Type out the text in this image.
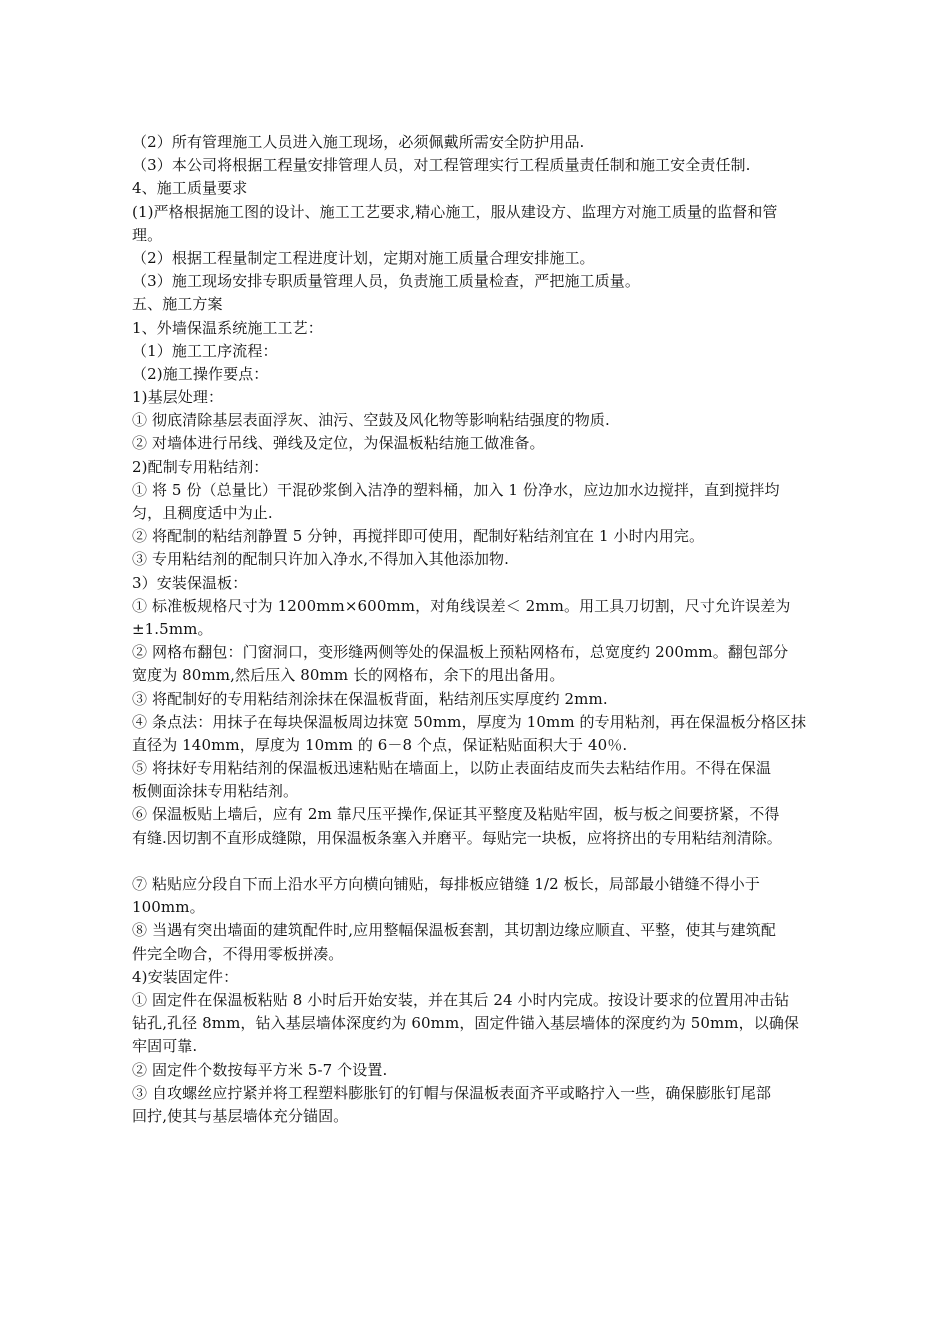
（2）所有管理施工人员进入施工现场，必须佩戴所需安全防护用品.
（3）本公司将根据工程量安排管理人员，对工程管理实行工程质量责任制和施工安全责任制.
4、施工质量要求
(1)严格根据施工图的设计、施工工艺要求,精心施工，服从建设方、监理方对施工质量的监督和管
理。
（2）根据工程量制定工程进度计划，定期对施工质量合理安排施工。
（3）施工现场安排专职质量管理人员，负责施工质量检查，严把施工质量。
五、施工方案
1、外墙保温系统施工工艺：
（1）施工工序流程：
（2)施工操作要点：
1)基层处理：
① 彻底清除基层表面浮灰、油污、空鼓及风化物等影响粘结强度的物质.
② 对墙体进行吊线、弹线及定位，为保温板粘结施工做准备。
2)配制专用粘结剂：
① 将 5 份（总量比）干混砂浆倒入洁净的塑料桶，加入 1 份净水，应边加水边搅拌，直到搅拌均
匀，且稠度适中为止.
② 将配制的粘结剂静置 5 分钟，再搅拌即可使用，配制好粘结剂宜在 1 小时内用完。
③ 专用粘结剂的配制只许加入净水,不得加入其他添加物.
3）安装保温板：
① 标准板规格尺寸为 1200mm×600mm，对角线误差＜ 2mm。用工具刀切割，尺寸允许误差为
±1.5mm。
② 网格布翻包：门窗洞口，变形缝两侧等处的保温板上预粘网格布，总宽度约 200mm。翻包部分
宽度为 80mm,然后压入 80mm 长的网格布，余下的甩出备用。
③ 将配制好的专用粘结剂涂抹在保温板背面，粘结剂压实厚度约 2mm.
④ 条点法：用抹子在每块保温板周边抹宽 50mm，厚度为 10mm 的专用粘剂，再在保温板分格区抹
直径为 140mm，厚度为 10mm 的 6－8 个点，保证粘贴面积大于 40％.
⑤ 将抹好专用粘结剂的保温板迅速粘贴在墙面上，以防止表面结皮而失去粘结作用。不得在保温
板侧面涂抹专用粘结剂。
⑥ 保温板贴上墙后，应有 2m 靠尺压平操作,保证其平整度及粘贴牢固，板与板之间要挤紧，不得
有缝.因切割不直形成缝隙，用保温板条塞入并磨平。每贴完一块板，应将挤出的专用粘结剂清除。
⑦ 粘贴应分段自下而上沿水平方向横向铺贴，每排板应错缝 1/2 板长，局部最小错缝不得小于
100mm。
⑧ 当遇有突出墙面的建筑配件时,应用整幅保温板套割，其切割边缘应顺直、平整，使其与建筑配
件完全吻合，不得用零板拼凑。
4)安装固定件：
① 固定件在保温板粘贴 8 小时后开始安装，并在其后 24 小时内完成。按设计要求的位置用冲击钻
钻孔,孔径 8mm，钻入基层墙体深度约为 60mm，固定件锚入基层墙体的深度约为 50mm，以确保
牢固可靠.
② 固定件个数按每平方米 5-7 个设置.
③ 自攻螺丝应拧紧并将工程塑料膨胀钉的钉帽与保温板表面齐平或略拧入一些，确保膨胀钉尾部
回拧,使其与基层墙体充分锚固。
